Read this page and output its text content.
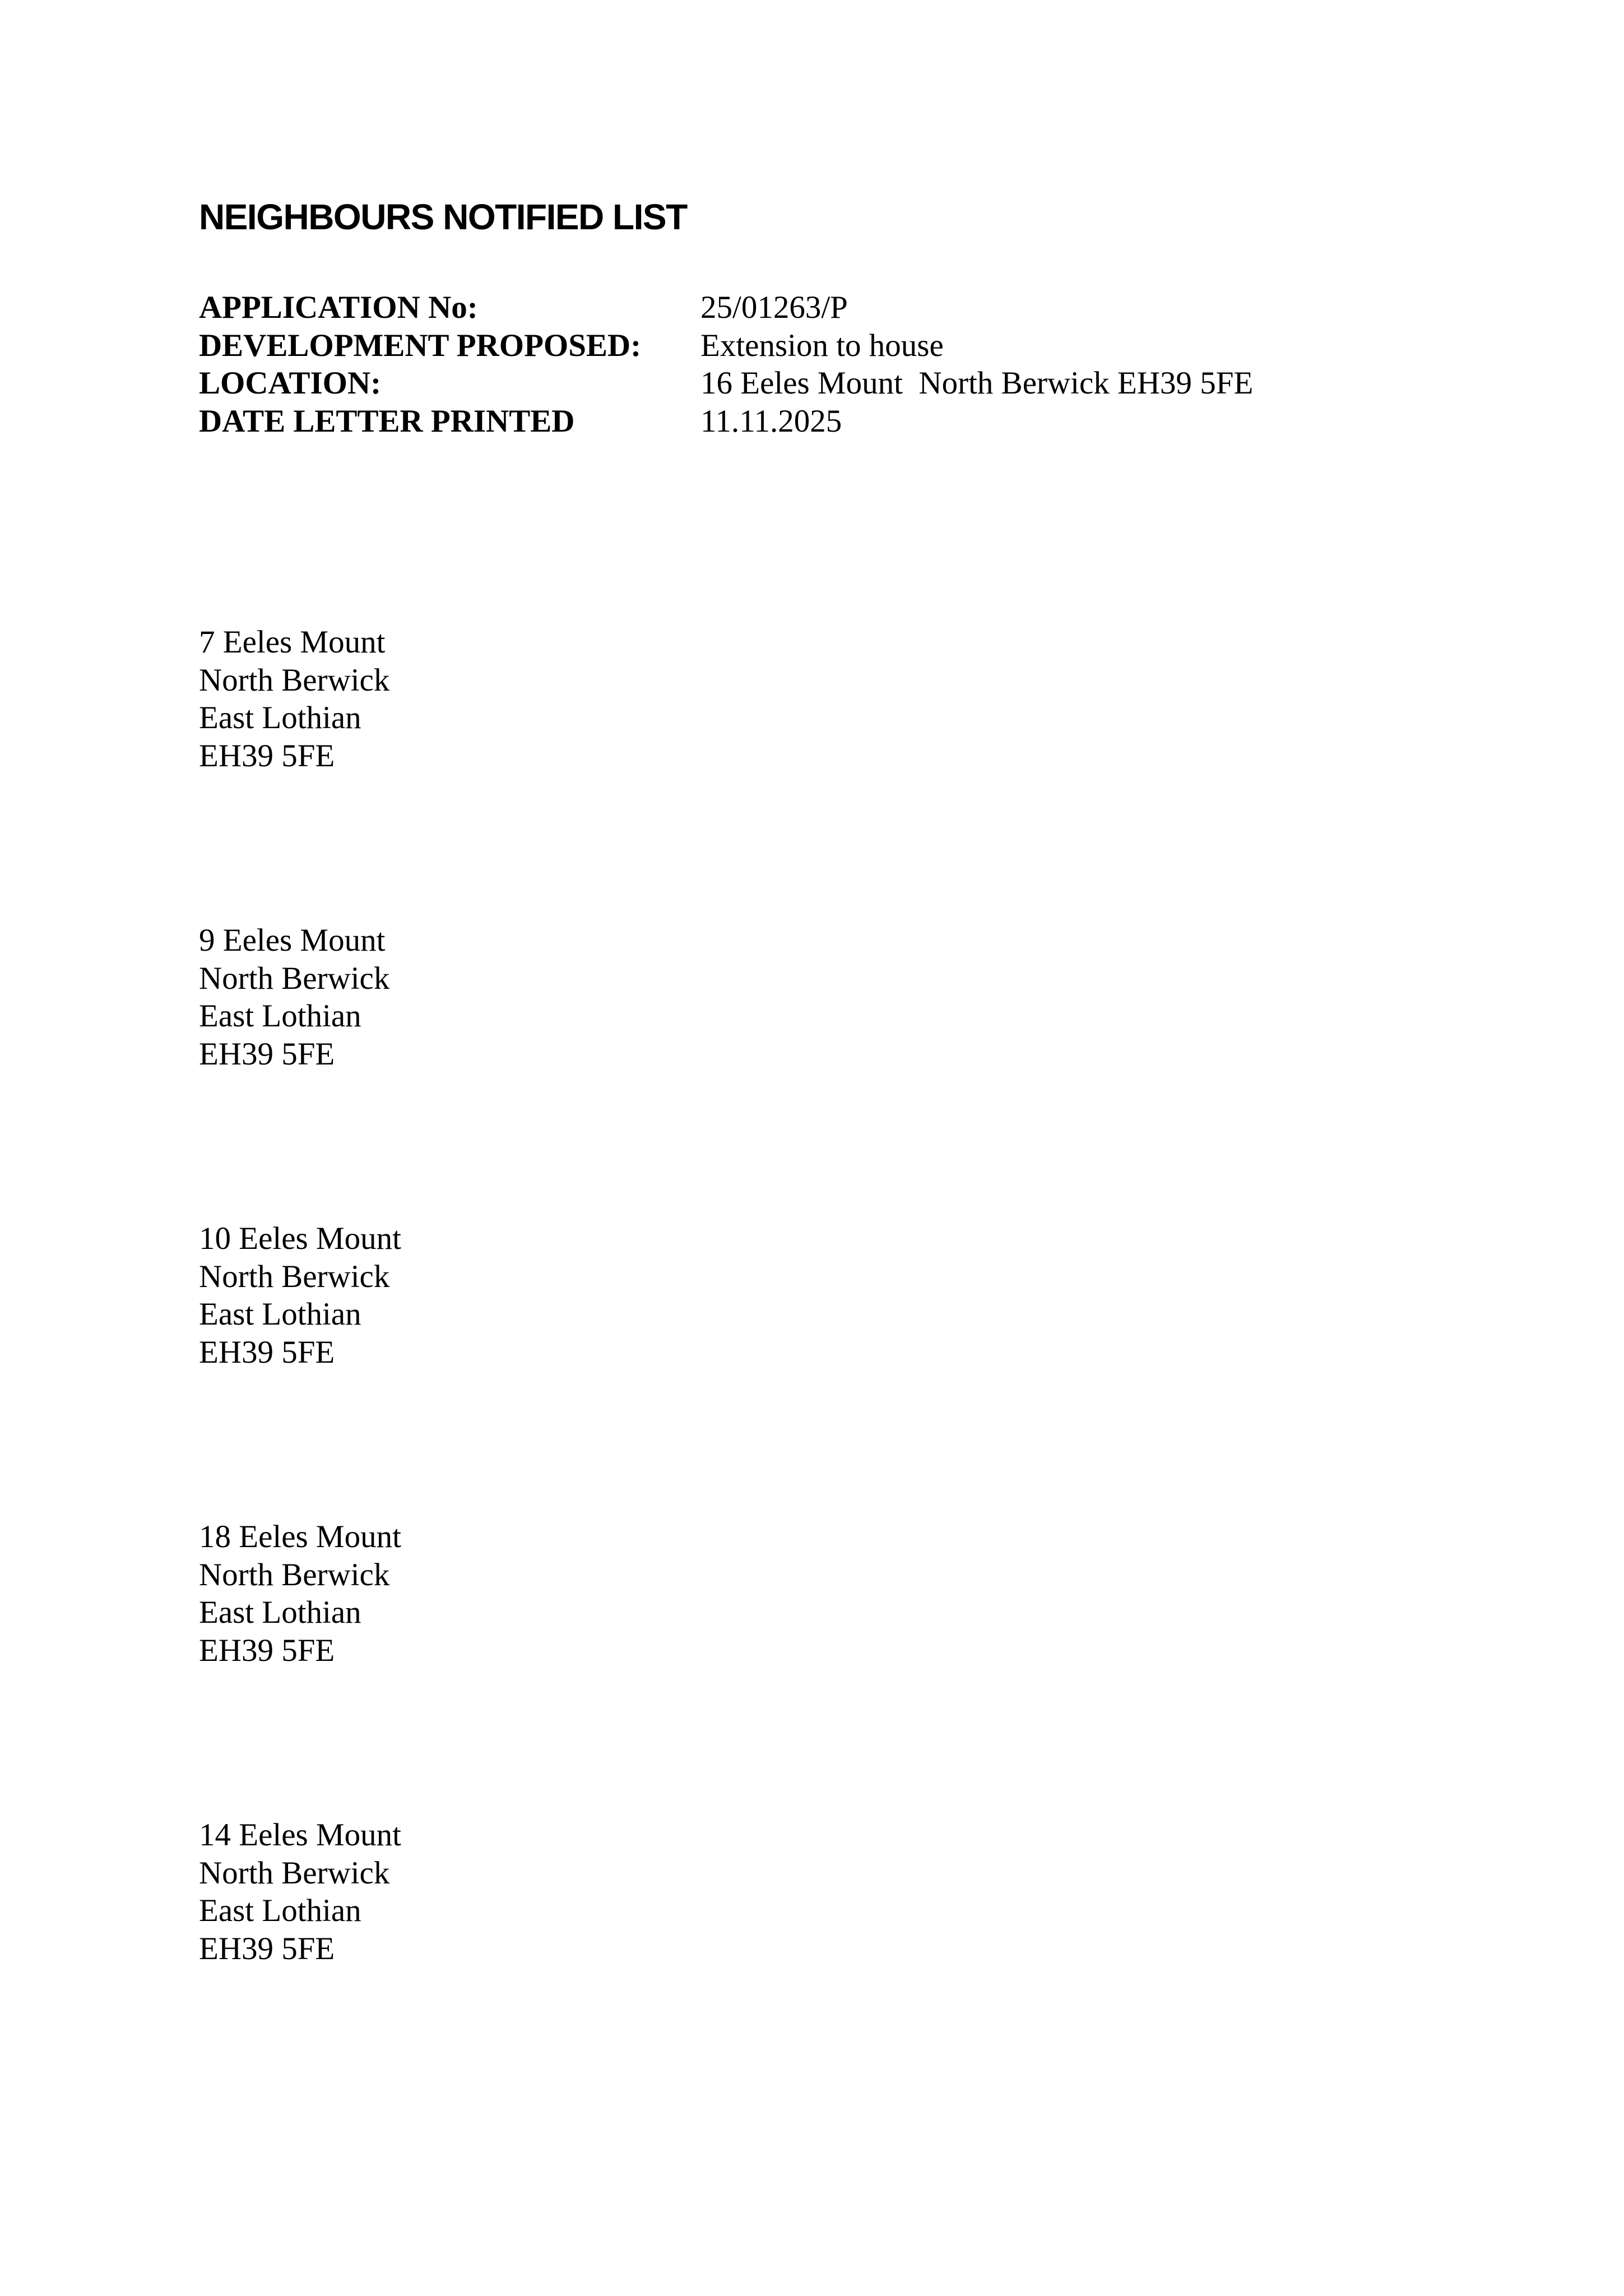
NEIGHBOURS NOTIFIED LIST
APPLICATION No:	25/01263/P
DEVELOPMENT PROPOSED:	Extension to house
LOCATION:	16 Eeles Mount  North Berwick EH39 5FE
DATE LETTER PRINTED	11.11.2025
7 Eeles Mount
North Berwick
East Lothian
EH39 5FE
9 Eeles Mount
North Berwick
East Lothian
EH39 5FE
10 Eeles Mount
North Berwick
East Lothian
EH39 5FE
18 Eeles Mount
North Berwick
East Lothian
EH39 5FE
14 Eeles Mount
North Berwick
East Lothian
EH39 5FE
